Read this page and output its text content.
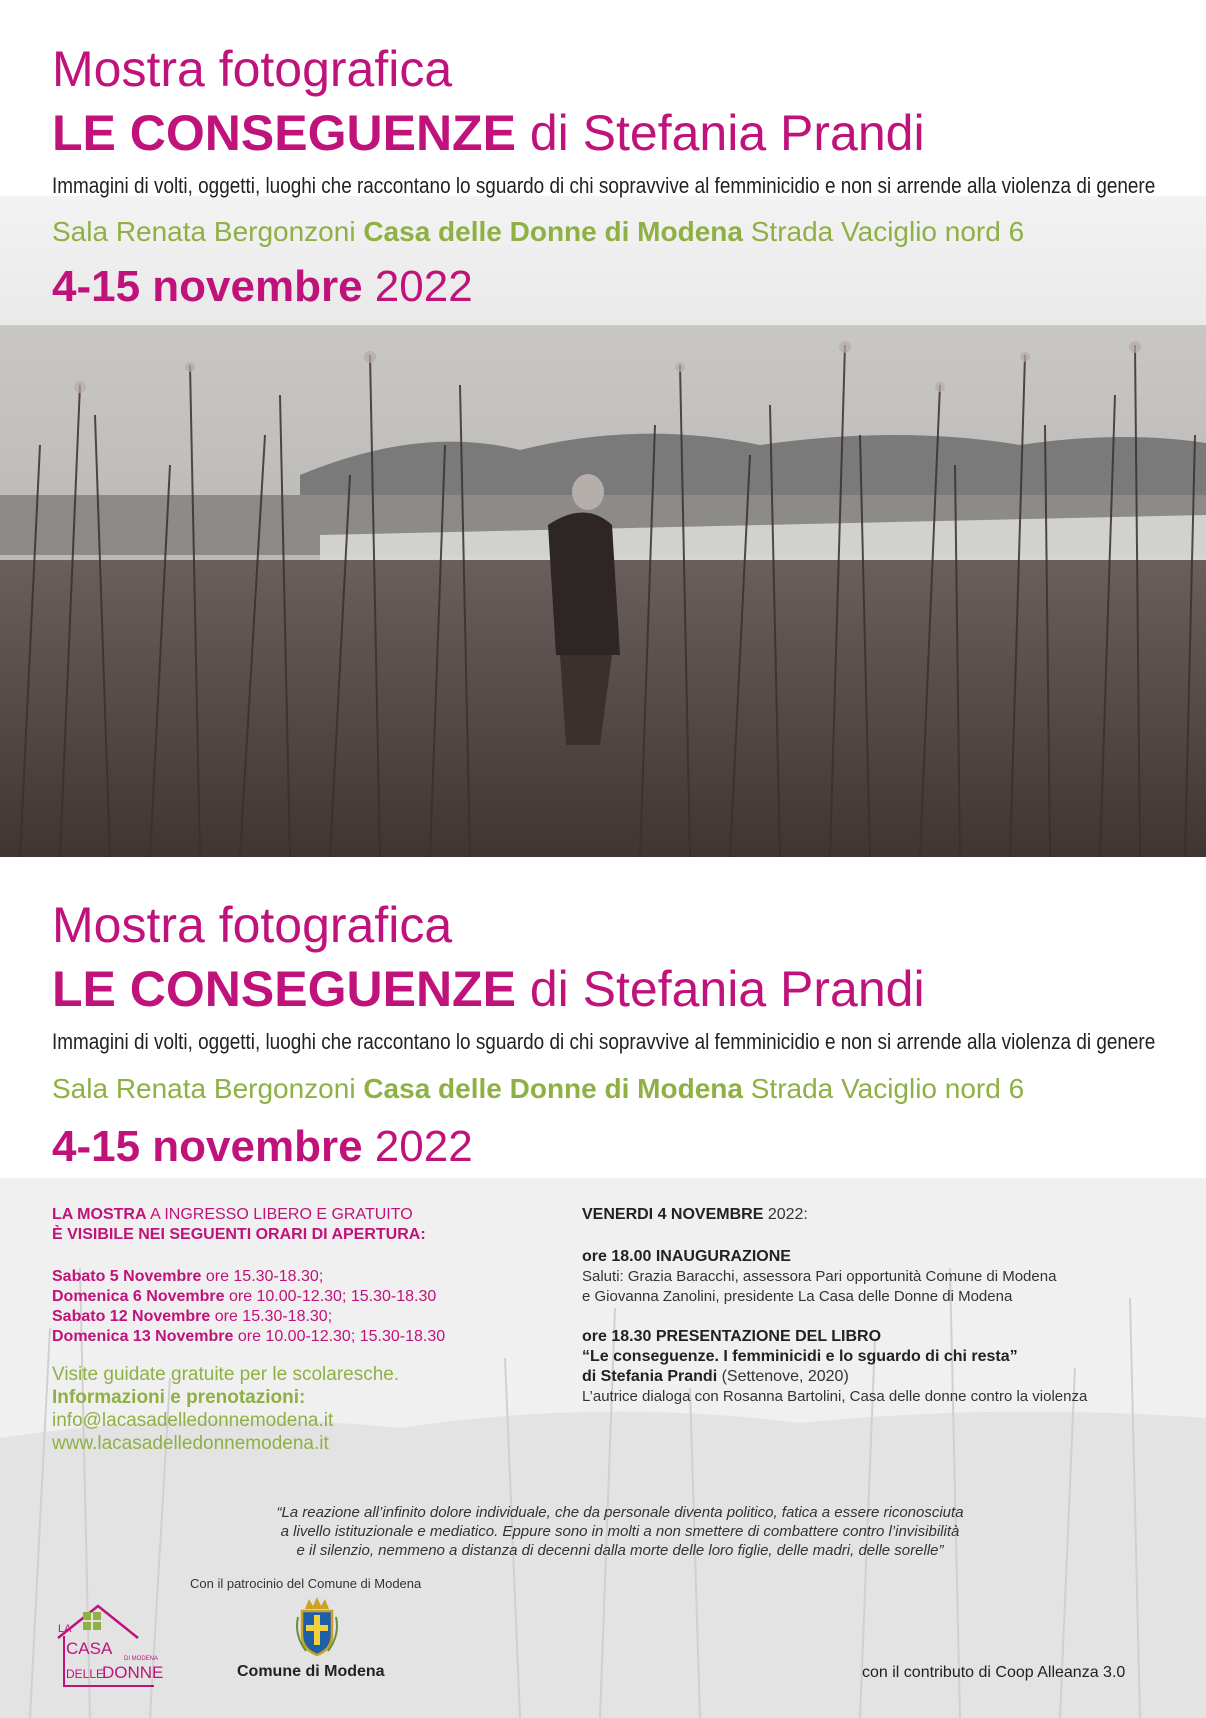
Mostra fotografica
LE CONSEGUENZE di Stefania Prandi
Immagini di volti, oggetti, luoghi che raccontano lo sguardo di chi sopravvive al femminicidio e non si arrende alla violenza di genere
Sala Renata Bergonzoni Casa delle Donne di Modena Strada Vaciglio nord 6
4-15 novembre 2022
Mostra fotografica
LE CONSEGUENZE di Stefania Prandi
Immagini di volti, oggetti, luoghi che raccontano lo sguardo di chi sopravvive al femminicidio e non si arrende alla violenza di genere
Sala Renata Bergonzoni Casa delle Donne di Modena Strada Vaciglio nord 6
4-15 novembre 2022
LA MOSTRA A INGRESSO LIBERO E GRATUITO
È VISIBILE NEI SEGUENTI ORARI DI APERTURA:
Sabato 5 Novembre ore 15.30-18.30;
Domenica 6 Novembre ore 10.00-12.30; 15.30-18.30
Sabato 12 Novembre ore 15.30-18.30;
Domenica 13 Novembre ore 10.00-12.30; 15.30-18.30
Visite guidate gratuite per le scolaresche.
Informazioni e prenotazioni:
info@lacasadelledonnemodena.it
www.lacasadelledonnemodena.it
VENERDI 4 NOVEMBRE 2022:
ore 18.00 INAUGURAZIONE
Saluti: Grazia Baracchi, assessora Pari opportunità Comune di Modena
e Giovanna Zanolini, presidente La Casa delle Donne di Modena
ore 18.30 PRESENTAZIONE DEL LIBRO
“Le conseguenze. I femminicidi e lo sguardo di chi resta”
di Stefania Prandi (Settenove, 2020)
L’autrice dialoga con Rosanna Bartolini, Casa delle donne contro la violenza
“La reazione all’infinito dolore individuale, che da personale diventa politico, fatica a essere riconosciuta
a livello istituzionale e mediatico. Eppure sono in molti a non smettere di combattere contro l’invisibilità
e il silenzio, nemmeno a distanza di decenni dalla morte delle loro figlie, delle madri, delle sorelle”
Con il patrocinio del Comune di Modena
LA
CASA
DELLE
DONNE
DI MODENA
Comune di Modena	con il contributo di Coop Alleanza 3.0
